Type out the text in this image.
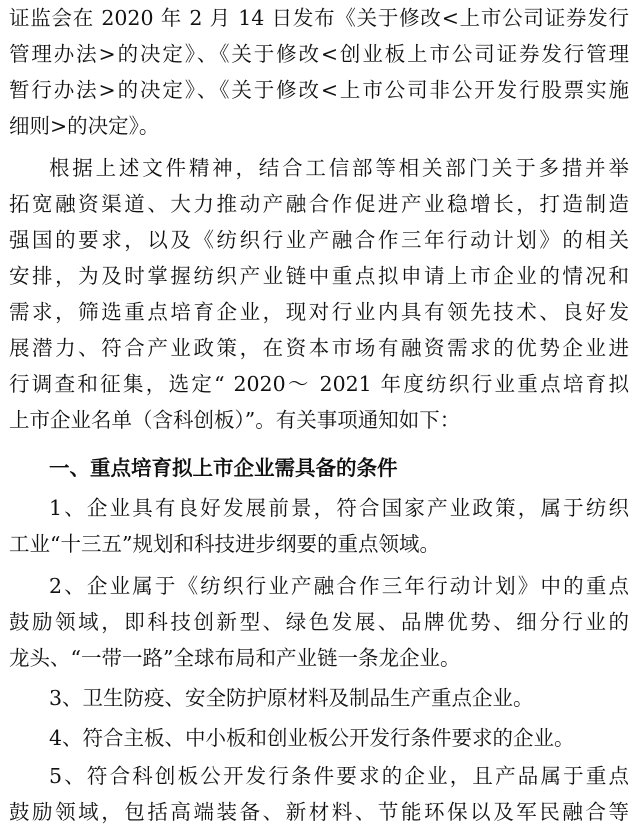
证监会在 2020 年 2 月 14 日发布《关于修改<上市公司证券发行
管理办法>的决定》、《关于修改<创业板上市公司证券发行管理
暂行办法>的决定》、《关于修改<上市公司非公开发行股票实施
细则>的决定》。
根据上述文件精神，结合工信部等相关部门关于多措并举
拓宽融资渠道、大力推动产融合作促进产业稳增长，打造制造
强国的要求，以及《纺织行业产融合作三年行动计划》的相关
安排，为及时掌握纺织产业链中重点拟申请上市企业的情况和
需求，筛选重点培育企业，现对行业内具有领先技术、良好发
展潜力、符合产业政策，在资本市场有融资需求的优势企业进
行调查和征集，选定“ 2020～ 2021 年度纺织行业重点培育拟
上市企业名单（含科创板）”。有关事项通知如下：
一、重点培育拟上市企业需具备的条件
1、企业具有良好发展前景，符合国家产业政策，属于纺织
工业“十三五”规划和科技进步纲要的重点领域。
2、企业属于《纺织行业产融合作三年行动计划》中的重点
鼓励领域，即科技创新型、绿色发展、品牌优势、细分行业的
龙头、“一带一路”全球布局和产业链一条龙企业。
3、卫生防疫、安全防护原材料及制品生产重点企业。
4、符合主板、中小板和创业板公开发行条件要求的企业。
5、符合科创板公开发行条件要求的企业，且产品属于重点
鼓励领域，包括高端装备、新材料、节能环保以及军民融合等
